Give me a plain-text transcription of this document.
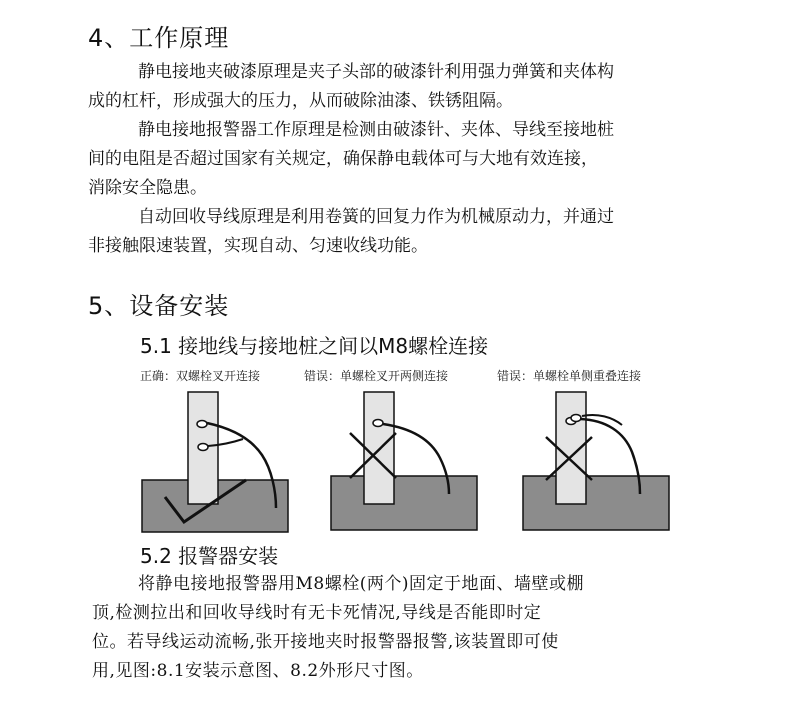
4、工作原理

静电接地夹破漆原理是夹子头部的破漆针利用强力弹簧和夹体构

成的杠杆，形成强大的压力，从而破除油漆、铁锈阻隔。

静电接地报警器工作原理是检测由破漆针、夹体、导线至接地桩

间的电阻是否超过国家有关规定，确保静电载体可与大地有效连接，

消除安全隐患。

自动回收导线原理是利用卷簧的回复力作为机械原动力，并通过

非接触限速装置，实现自动、匀速收线功能。

5、设备安装
5.1 接地线与接地桩之间以M8螺栓连接
正确：双螺栓叉开连接	错误：单螺栓叉开两侧连接	错误：单螺栓单侧重叠连接
5.2 报警器安装

将静电接地报警器用M8螺栓(两个)固定于地面、墙壁或棚

顶,检测拉出和回收导线时有无卡死情况,导线是否能即时定

位。若导线运动流畅,张开接地夹时报警器报警,该装置即可使

用,见图:8.1安装示意图、8.2外形尺寸图。
